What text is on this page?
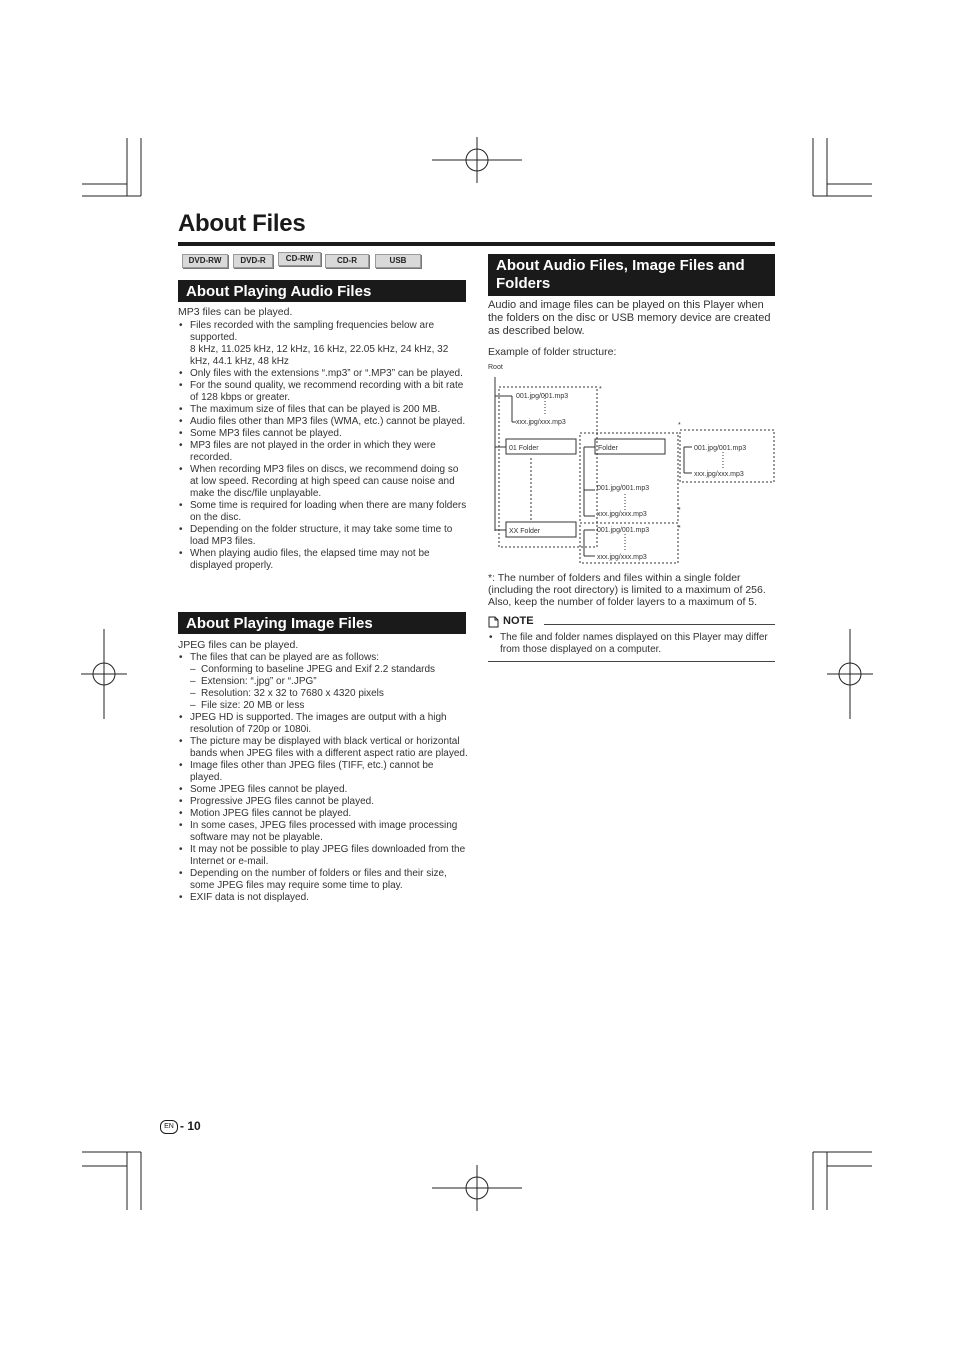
About Files
DVD-RW	DVD-R	CD-RW	CD-R	USB
About Playing Audio Files
MP3 files can be played.
• Files recorded with the sampling frequencies below are supported.
8 kHz, 11.025 kHz, 12 kHz, 16 kHz, 22.05 kHz, 24 kHz, 32 kHz, 44.1 kHz, 48 kHz
• Only files with the extensions “.mp3” or “.MP3” can be played.
• For the sound quality, we recommend recording with a bit rate of 128 kbps or greater.
• The maximum size of files that can be played is 200 MB.
• Audio files other than MP3 files (WMA, etc.) cannot be played.
• Some MP3 files cannot be played.
• MP3 files are not played in the order in which they were recorded.
• When recording MP3 files on discs, we recommend doing so at low speed. Recording at high speed can cause noise and make the disc/file unplayable.
• Some time is required for loading when there are many folders on the disc.
• Depending on the folder structure, it may take some time to load MP3 files.
• When playing audio files, the elapsed time may not be displayed properly.
About Playing Image Files
JPEG files can be played.
• The files that can be played are as follows:
– Conforming to baseline JPEG and Exif 2.2 standards
– Extension: “.jpg” or “.JPG”
– Resolution: 32 x 32 to 7680 x 4320 pixels
– File size: 20 MB or less
• JPEG HD is supported. The images are output with a high resolution of 720p or 1080i.
• The picture may be displayed with black vertical or horizontal bands when JPEG files with a different aspect ratio are played.
• Image files other than JPEG files (TIFF, etc.) cannot be played.
• Some JPEG files cannot be played.
• Progressive JPEG files cannot be played.
• Motion JPEG files cannot be played.
• In some cases, JPEG files processed with image processing software may not be playable.
• It may not be possible to play JPEG files downloaded from the Internet or e-mail.
• Depending on the number of folders or files and their size, some JPEG files may require some time to play.
• EXIF data is not displayed.
About Audio Files, Image Files and Folders
Audio and image files can be played on this Player when the folders on the disc or USB memory device are created as described below.
Example of folder structure:
Root
001.jpg/001.mp3
xxx.jpg/xxx.mp3
01 Folder
XX Folder
Folder	001.jpg/001.mp3
xxx.jpg/xxx.mp3
001.jpg/001.mp3
xxx.jpg/xxx.mp3
001.jpg/001.mp3
xxx.jpg/xxx.mp3
*
*
*
*
*: The number of folders and files within a single folder (including the root directory) is limited to a maximum of 256. Also, keep the number of folder layers to a maximum of 5.
NOTE
• The file and folder names displayed on this Player may differ from those displayed on a computer.
EN - 10
